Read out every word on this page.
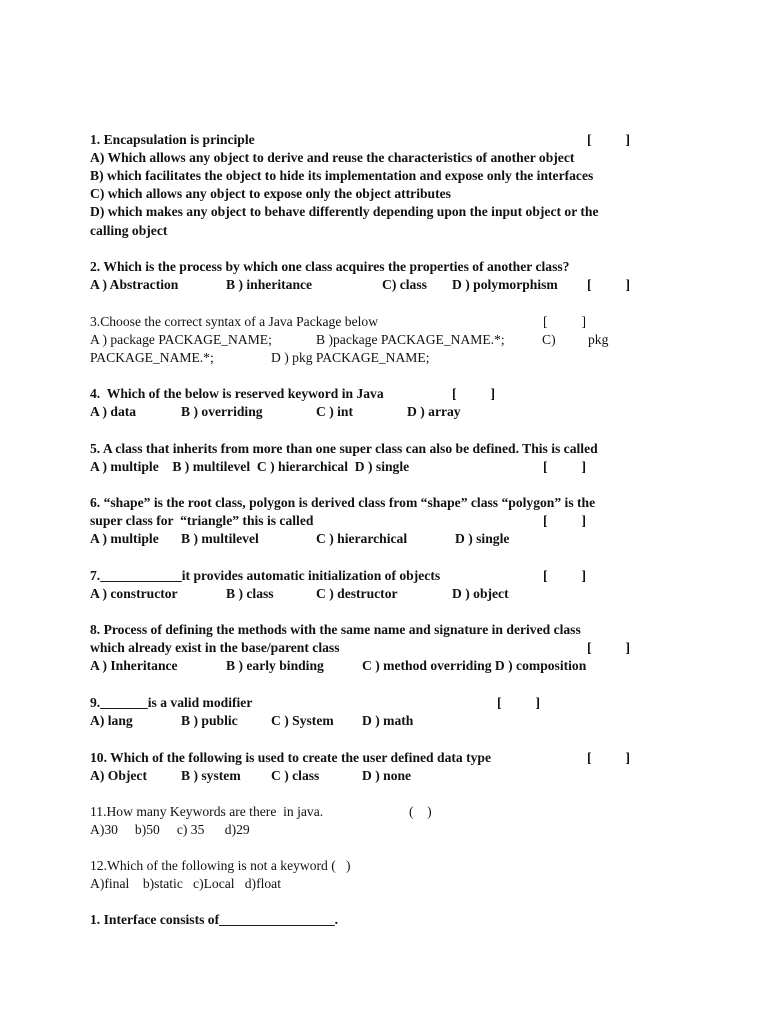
1. Encapsulation is principle	[          ]
A) Which allows any object to derive and reuse the characteristics of another object
B) which facilitates the object to hide its implementation and expose only the interfaces
C) which allows any object to expose only the object attributes
D) which makes any object to behave differently depending upon the input object or the
calling object
2. Which is the process by which one class acquires the properties of another class?
A ) Abstraction	B ) inheritance	C) class D ) polymorphism [          ]
3.Choose the correct syntax of a Java Package below	[          ]
A ) package PACKAGE_NAME;	B )package PACKAGE_NAME.*;	C) pkg
PACKAGE_NAME.*;	D ) pkg PACKAGE_NAME;
4.  Which of the below is reserved keyword in Java	[          ]
A ) data	B ) overriding	C ) int	D ) array
5. A class that inherits from more than one super class can also be defined. This is called
A ) multiple    B ) multilevel  C ) hierarchical  D ) single	[          ]
6. “shape” is the root class, polygon is derived class from “shape” class “polygon” is the
super class for  “triangle” this is called	[          ]
A ) multiple B ) multilevel	C ) hierarchical	D ) single
7.____________it provides automatic initialization of objects	[          ]
A ) constructor	B ) class	C ) destructor	D ) object
8. Process of defining the methods with the same name and signature in derived class
which already exist in the base/parent class	[          ]
A ) Inheritance	B ) early binding	C ) method overriding D ) composition
9._______is a valid modifier	[          ]
A) lang	B ) public C ) System D ) math
10. Which of the following is used to create the user defined data type	[          ]
A) Object	B ) system C ) class	D ) none
11.How many Keywords are there  in java.	(    )
A)30     b)50     c) 35      d)29
12.Which of the following is not a keyword (   )
A)final    b)static   c)Local   d)float
1. Interface consists of_________________.
